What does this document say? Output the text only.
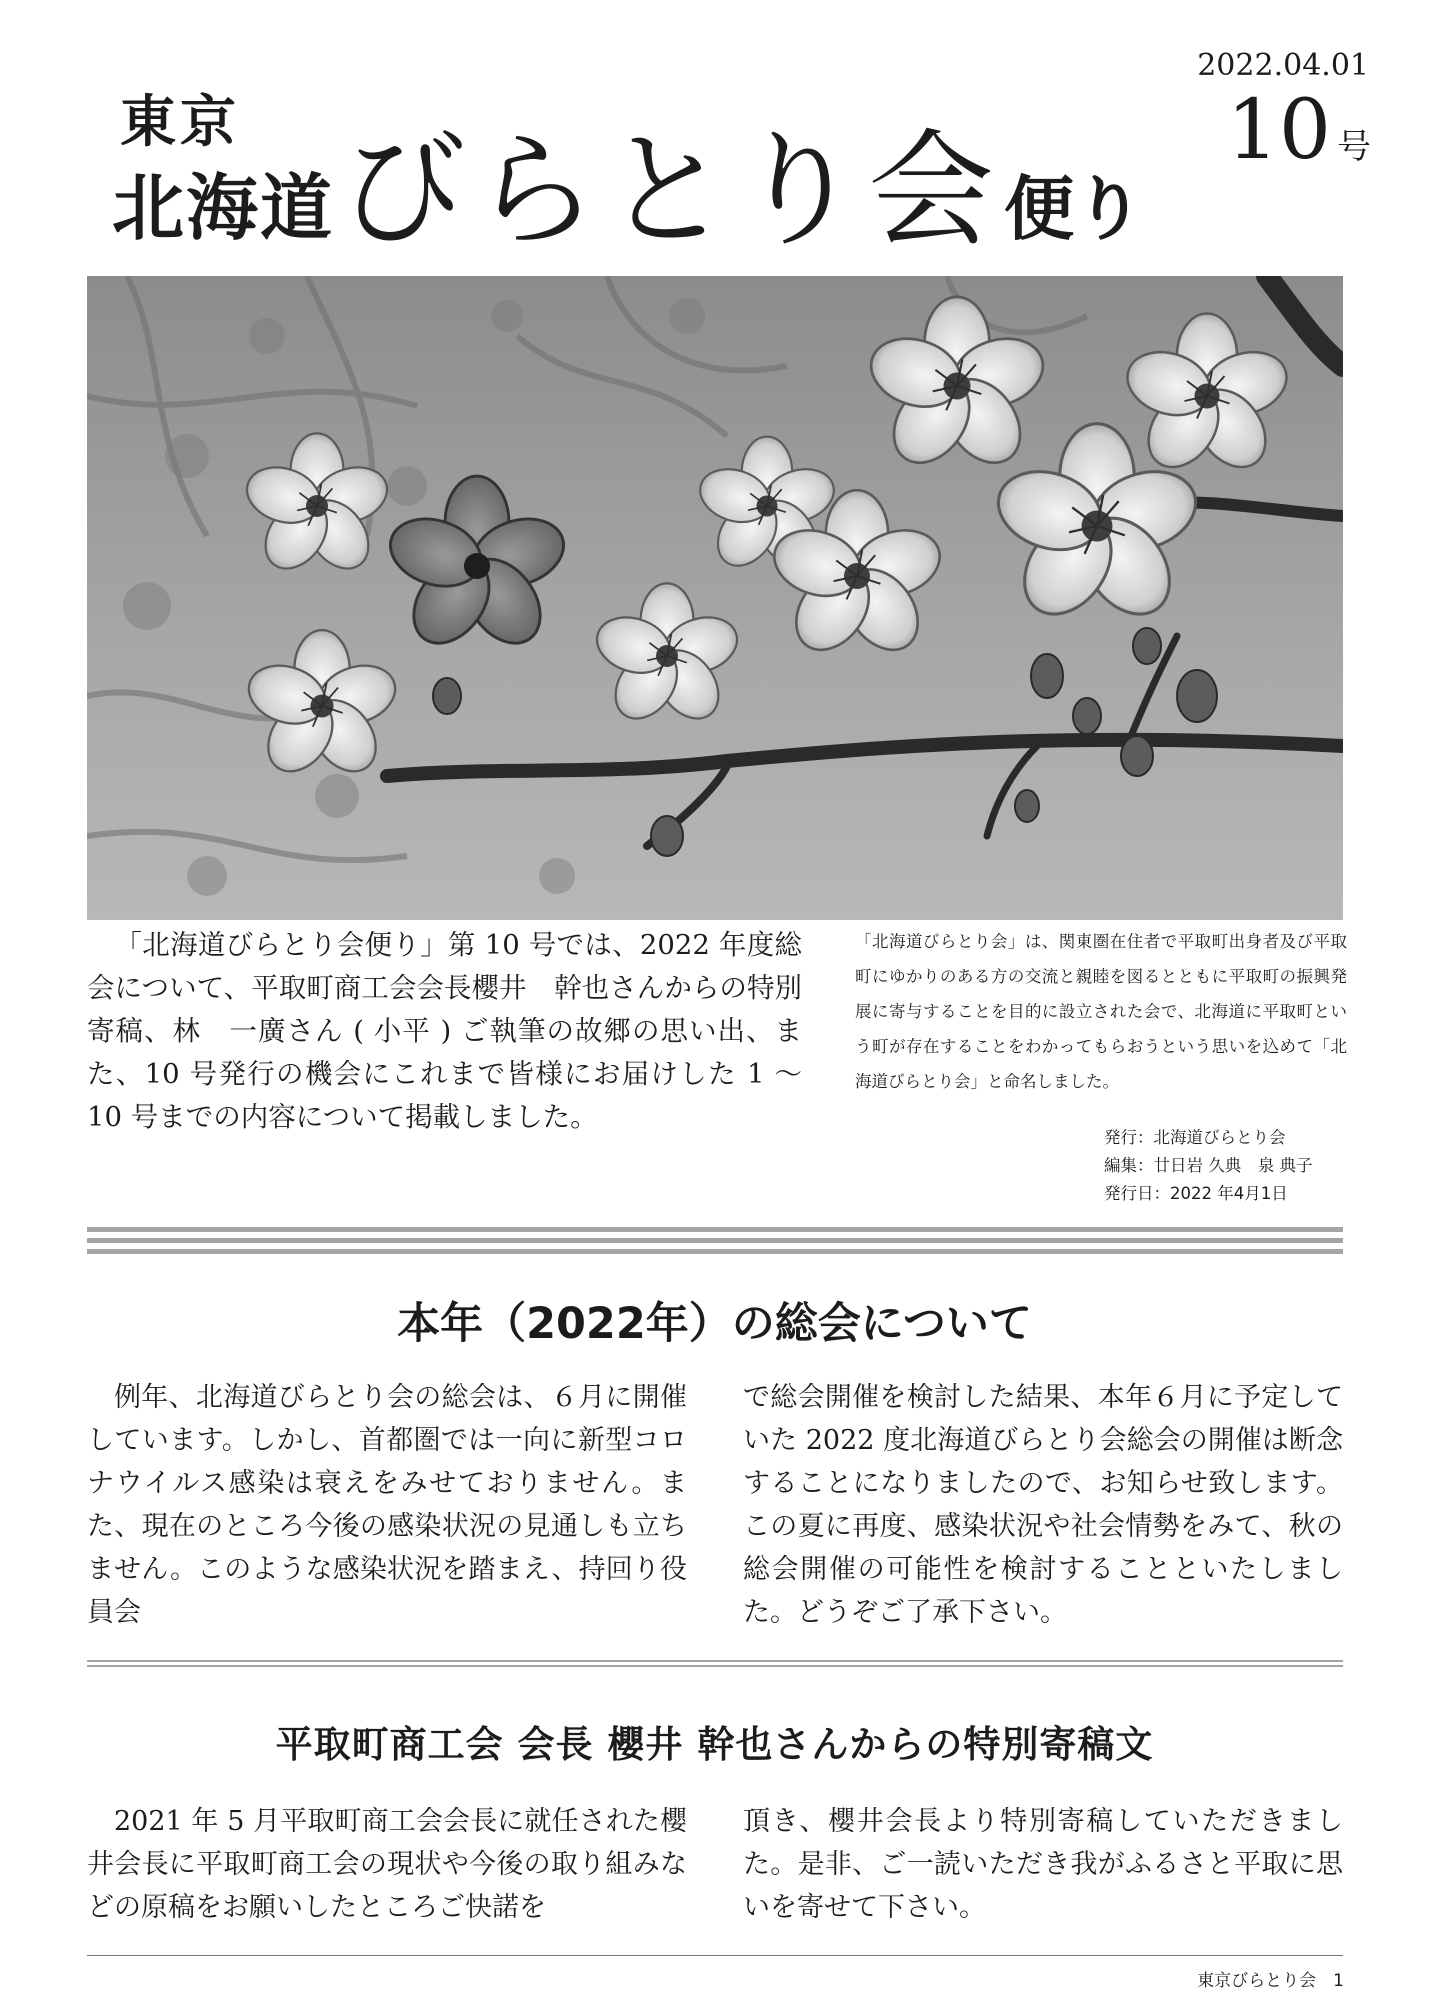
東京
北海道 びらとり会 便り
2022.04.01
10 号
「北海道びらとり会便り」第 10 号では、2022 年度総会について、平取町商工会会長櫻井　幹也さんからの特別寄稿、林　一廣さん ( 小平 ) ご執筆の故郷の思い出、また、10 号発行の機会にこれまで皆様にお届けした 1 ～ 10 号までの内容について掲載しました。
「北海道びらとり会」は、関東圏在住者で平取町出身者及び平取町にゆかりのある方の交流と親睦を図るとともに平取町の振興発展に寄与することを目的に設立された会で、北海道に平取町という町が存在することをわかってもらおうという思いを込めて「北海道びらとり会」と命名しました。
発行：北海道びらとり会
編集：廿日岩 久典　泉 典子
発行日：2022 年4月1日
本年（2022年）の総会について
例年、北海道びらとり会の総会は、６月に開催しています。しかし、首都圏では一向に新型コロナウイルス感染は衰えをみせておりません。また、現在のところ今後の感染状況の見通しも立ちません。このような感染状況を踏まえ、持回り役員会
で総会開催を検討した結果、本年６月に予定していた 2022 度北海道びらとり会総会の開催は断念することになりましたので、お知らせ致します。この夏に再度、感染状況や社会情勢をみて、秋の総会開催の可能性を検討することといたしました。どうぞご了承下さい。
平取町商工会 会長 櫻井 幹也さんからの特別寄稿文
2021 年 5 月平取町商工会会長に就任された櫻井会長に平取町商工会の現状や今後の取り組みなどの原稿をお願いしたところご快諾を
頂き、櫻井会長より特別寄稿していただきました。是非、ご一読いただき我がふるさと平取に思いを寄せて下さい。
東京びらとり会　1
